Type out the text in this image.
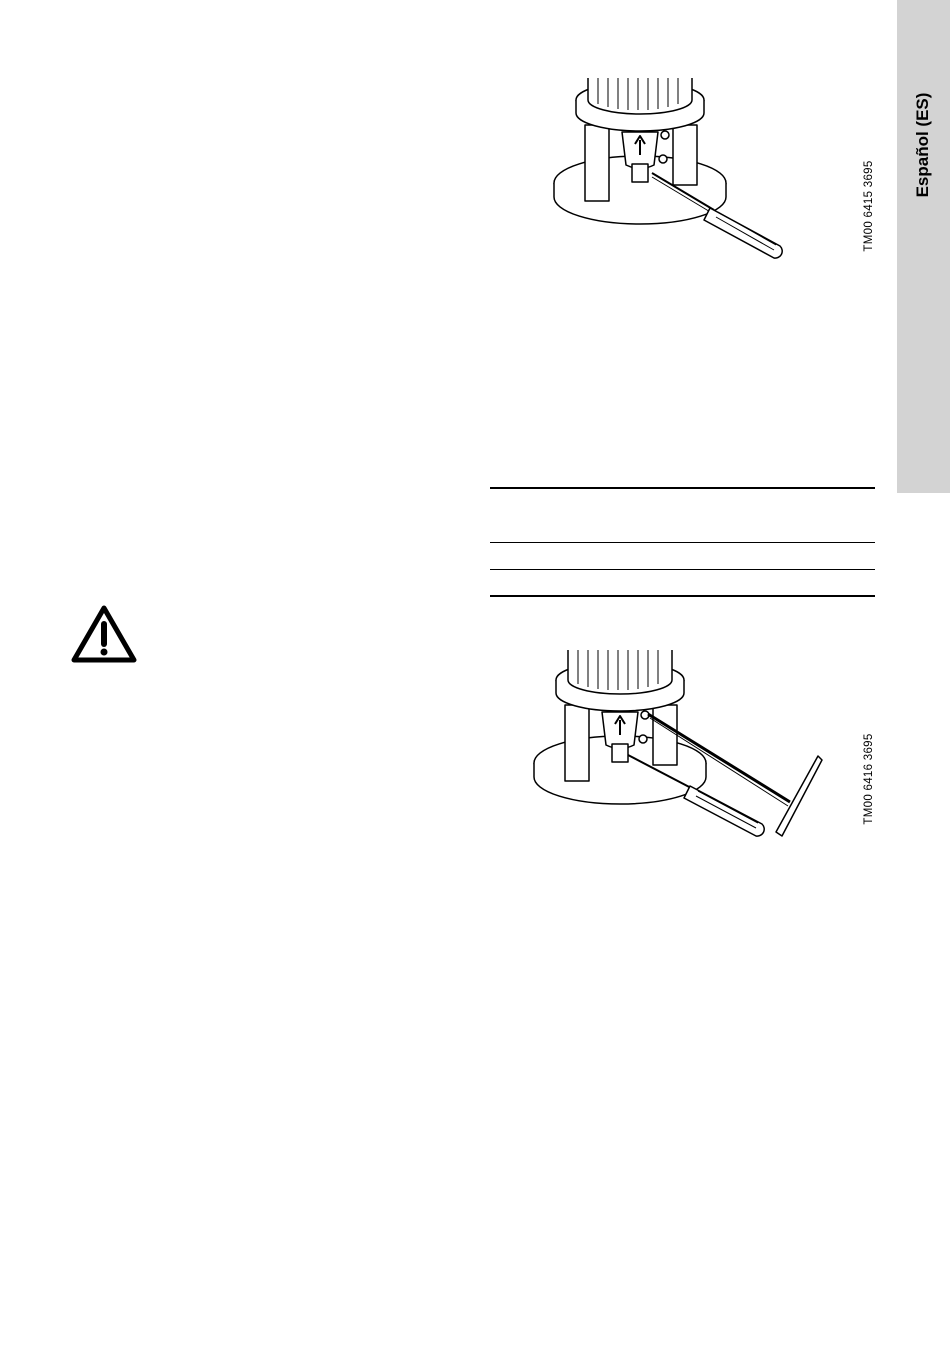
Español (ES)
TM00 6415 3695
TM00 6416 3695
